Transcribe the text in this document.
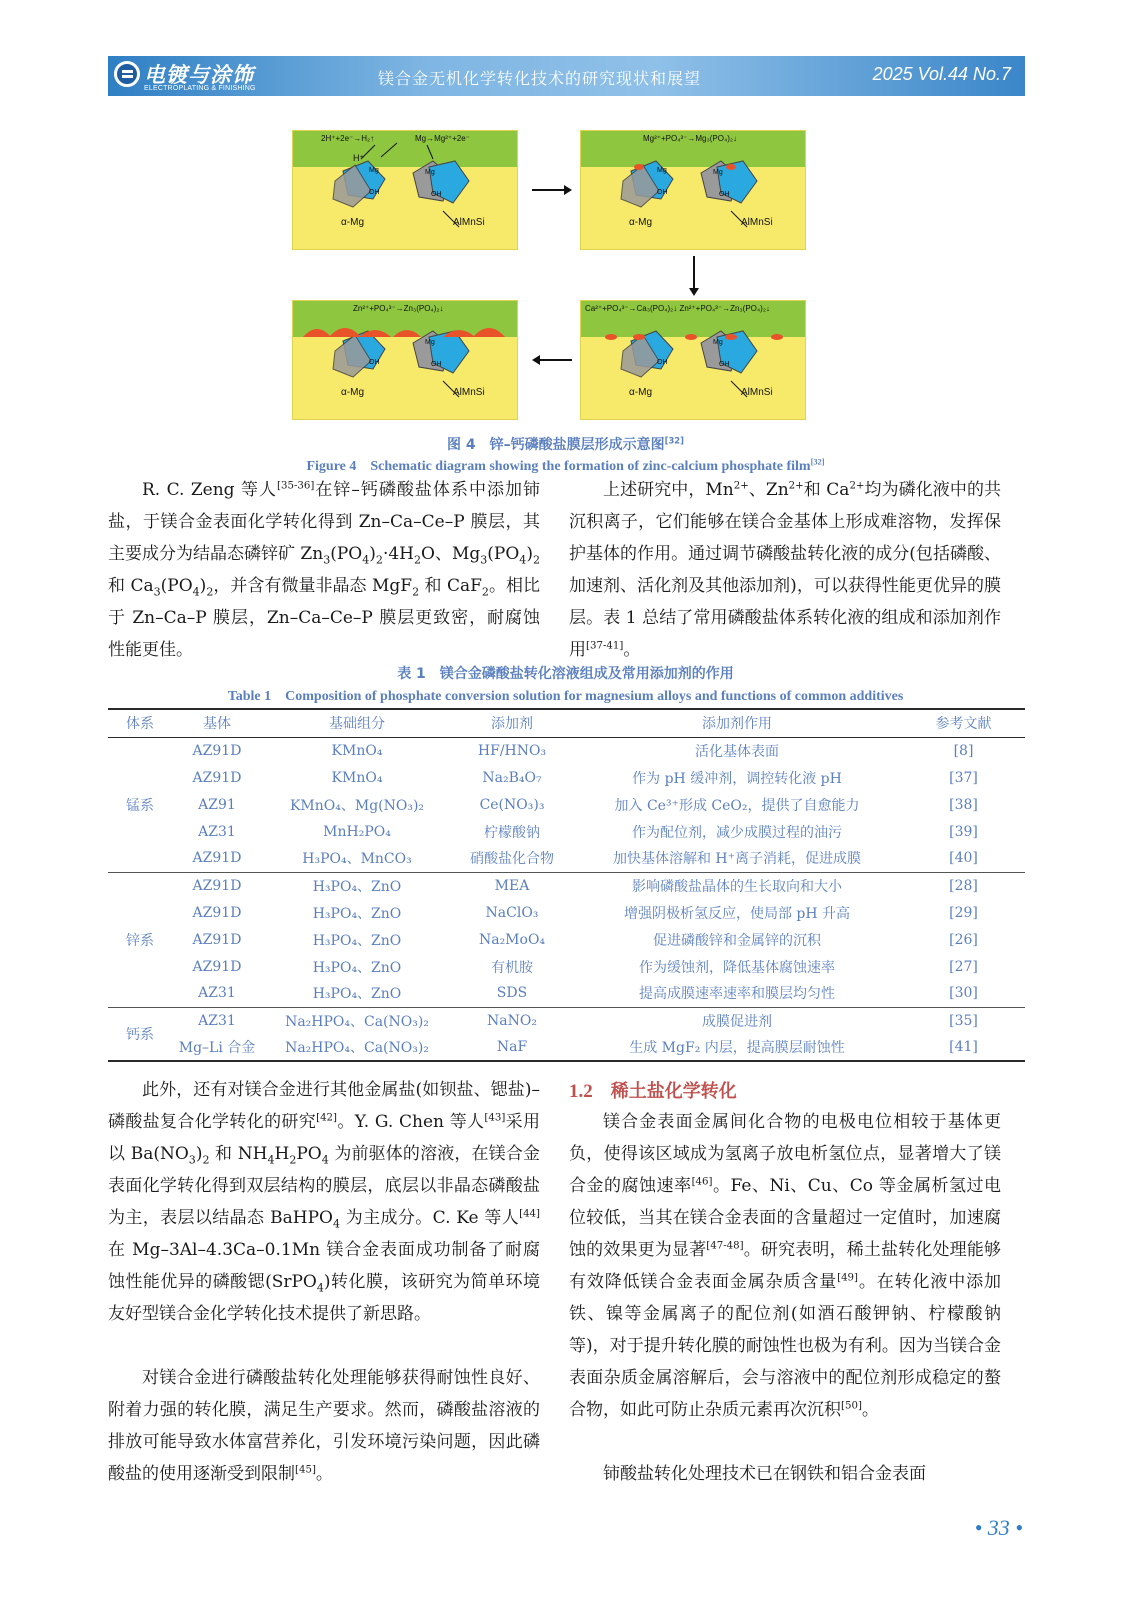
电镀与涂饰
ELECTROPLATING & FINISHING
镁合金无机化学转化技术的研究现状和展望	2025 Vol.44 No.7
2H⁺+2e⁻→H₂↑	Mg→Mg²⁺+2e⁻
H⁺
Mg	Mg
OH	OH
α-Mg	AlMnSi
Mg²⁺+PO₄³⁻→Mg₃(PO₄)₂↓
Mg	Mg
OH	OH
α-Mg	AlMnSi
Zn²⁺+PO₄³⁻→Zn₃(PO₄)₂↓
Mg
OH	OH
α-Mg	AlMnSi
Ca²⁺+PO₄³⁻→Ca₃(PO₄)₂↓ Zn²⁺+PO₄³⁻→Zn₃(PO₄)₂↓
Mg
OH	OH
α-Mg	AlMnSi
图 4　锌–钙磷酸盐膜层形成示意图[32]
Figure 4　Schematic diagram showing the formation of zinc-calcium phosphate film[32]
R. C. Zeng 等人[35-36]在锌–钙磷酸盐体系中添加铈盐，于镁合金表面化学转化得到 Zn–Ca–Ce–P 膜层，其主要成分为结晶态磷锌矿 $Zn_3(PO_4)_2\cdot 4H_2O$、$Mg_3(PO_4)_2$ 和 $Ca_3(PO_4)_2$，并含有微量非晶态 MgF$_2$ 和 CaF$_2$。相比于 Zn–Ca–P 膜层，Zn–Ca–Ce–P 膜层更致密，耐腐蚀性能更佳。
上述研究中，$Mn^{2+}$、$Zn^{2+}$和 $Ca^{2+}$均为磷化液中的共沉积离子，它们能够在镁合金基体上形成难溶物，发挥保护基体的作用。通过调节磷酸盐转化液的成分(包括磷酸、加速剂、活化剂及其他添加剂)，可以获得性能更优异的膜层。表 1 总结了常用磷酸盐体系转化液的组成和添加剂作用[37-41]。
表 1　镁合金磷酸盐转化溶液组成及常用添加剂的作用
Table 1　Composition of phosphate conversion solution for magnesium alloys and functions of common additives
体系	基体	基础组分	添加剂	添加剂作用	参考文献
锰系	AZ91D	KMnO₄	HF/HNO₃	活化基体表面	[8]
	AZ91D	KMnO₄	Na₂B₄O₇	作为 pH 缓冲剂，调控转化液 pH	[37]
	AZ91	KMnO₄、Mg(NO₃)₂	Ce(NO₃)₃	加入 Ce³⁺形成 CeO₂，提供了自愈能力	[38]
	AZ31	MnH₂PO₄	柠檬酸钠	作为配位剂，减少成膜过程的油污	[39]
	AZ91D	H₃PO₄、MnCO₃	硝酸盐化合物	加快基体溶解和 H⁺离子消耗，促进成膜	[40]
锌系	AZ91D	H₃PO₄、ZnO	MEA	影响磷酸盐晶体的生长取向和大小	[28]
	AZ91D	H₃PO₄、ZnO	NaClO₃	增强阴极析氢反应，使局部 pH 升高	[29]
	AZ91D	H₃PO₄、ZnO	Na₂MoO₄	促进磷酸锌和金属锌的沉积	[26]
	AZ91D	H₃PO₄、ZnO	有机胺	作为缓蚀剂，降低基体腐蚀速率	[27]
	AZ31	H₃PO₄、ZnO	SDS	提高成膜速率速率和膜层均匀性	[30]
钙系	AZ31	Na₂HPO₄、Ca(NO₃)₂	NaNO₂	成膜促进剂	[35]
	Mg–Li 合金	Na₂HPO₄、Ca(NO₃)₂	NaF	生成 MgF₂ 内层，提高膜层耐蚀性	[41]
此外，还有对镁合金进行其他金属盐(如钡盐、锶盐)–磷酸盐复合化学转化的研究[42]。Y. G. Chen 等人[43]采用以 $Ba(NO_3)_2$ 和 $NH_4H_2PO_4$ 为前驱体的溶液，在镁合金表面化学转化得到双层结构的膜层，底层以非晶态磷酸盐为主，表层以结晶态 BaHPO$_4$ 为主成分。C. Ke 等人[44]在 Mg–3Al–4.3Ca–0.1Mn 镁合金表面成功制备了耐腐蚀性能优异的磷酸锶(SrPO$_4$)转化膜，该研究为简单环境友好型镁合金化学转化技术提供了新思路。
对镁合金进行磷酸盐转化处理能够获得耐蚀性良好、附着力强的转化膜，满足生产要求。然而，磷酸盐溶液的排放可能导致水体富营养化，引发环境污染问题，因此磷酸盐的使用逐渐受到限制[45]。
1.2 稀土盐化学转化
镁合金表面金属间化合物的电极电位相较于基体更负，使得该区域成为氢离子放电析氢位点，显著增大了镁合金的腐蚀速率[46]。Fe、Ni、Cu、Co 等金属析氢过电位较低，当其在镁合金表面的含量超过一定值时，加速腐蚀的效果更为显著[47-48]。研究表明，稀土盐转化处理能够有效降低镁合金表面金属杂质含量[49]。在转化液中添加铁、镍等金属离子的配位剂(如酒石酸钾钠、柠檬酸钠等)，对于提升转化膜的耐蚀性也极为有利。因为当镁合金表面杂质金属溶解后，会与溶液中的配位剂形成稳定的螯合物，如此可防止杂质元素再次沉积[50]。
铈酸盐转化处理技术已在钢铁和铝合金表面
• 33 •
